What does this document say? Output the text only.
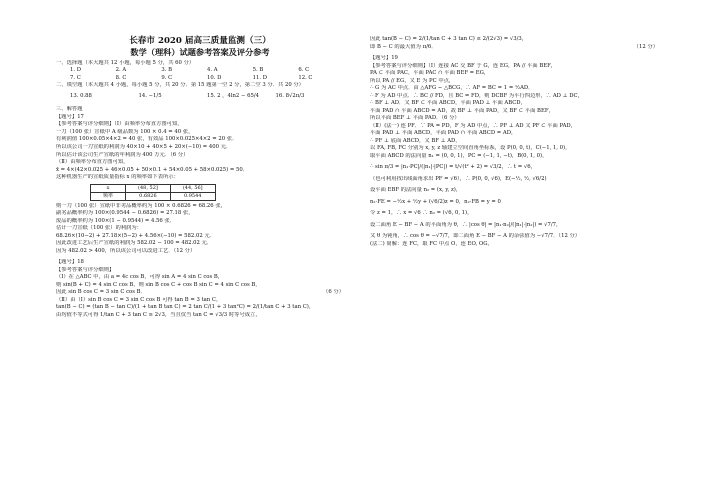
长春市 2020 届高三质量监测（三）
数学（理科）试题参考答案及评分参考
一、选择题（本大题共 12 小题，每小题 5 分，共 60 分）
1. D	2. A	3. B	4. A	5. B	6. C
7. C	8. C	9. C	10. D	11. D	12. C
二、填空题（本大题共 4 小题，每小题 5 分，共 20 分．第 15 题第一空 2 分，第二空 3 分．共 20 分）
13. 0.88	14. −1/5	15. 2 ，4ln2 − 65/4	16. 8√2π/3
三、解答题
【题号】17
【参考答案与评分细则】（Ⅰ）由频率分布直方图可知，
一刀（100 张）宣纸中 A 级品数为 100 × 0.4 = 40 张，
有利润值 100×0.05×4×2 = 40 张，有效品 100×0.025×4×2 = 20 张．
所以该公司一刀宣纸的利润为 40×10 + 40×5 + 20×(−10) = 400 元．
所以估计该公司生产宣纸的年利润为 400 万元．（6 分）
（Ⅱ）由频率分布直方图可知，
x̄ = 4×(42×0.025 + 46×0.05 + 50×0.1 + 54×0.05 + 58×0.025) = 50．
这种机器生产的宣纸质量指标 x 的频率如下表所示：
x	(48, 52]	(44, 56]
频率	0.6826	0.9544
则一刀（100 张）宣纸中非劣品概率约为 100 × 0.6826 = 68.26 张，
副劣品概率约为 100×(0.9544 − 0.6826) = 27.18 张，
废品的概率约为 100×(1 − 0.9544) = 4.56 张．
估计一刀宣纸（100 张）的利润为：
68.26×(10−2) + 27.18×(5−2) + 4.56×(−10) = 582.02 元．
因此改进工艺后生产宣纸的利润为 582.02 − 100 = 482.02 元．
因为 482.02 > 400，所以该公司可以改进工艺．（12 分）
【题号】18
【参考答案与评分细则】
（Ⅰ）在 △ABC 中，由 a = 4c cos B，可得 sin A = 4 sin C cos B，
则 sin(B + C) = 4 sin C cos B，则 sin B cos C + cos B sin C = 4 sin C cos B，
因此 sin B cos C = 3 sin C cos B．	（6 分）
（Ⅱ）由（Ⅰ）sin B cos C = 3 sin C cos B 可得 tan B = 3 tan C，
tan(B − C) = (tan B − tan C)/(1 + tan B tan C) = 2 tan C/(1 + 3 tan²C) = 2/(1/tan C + 3 tan C)，
由均值不等式可得 1/tan C + 3 tan C ≥ 2√3，当且仅当 tan C = √3/3 时等号成立，
因此 tan(B − C) = 2/(1/tan C + 3 tan C) ≤ 2/(2√3) = √3/3，
即 B − C 的最大值为 π/6．	（12 分）
【题号】19
【参考答案与评分细则】（Ⅰ）连接 AC 交 BF 于 G，连 EG，PA // 平面 BEF，
PA ⊂ 平面 PAC，平面 PAC ∩ 平面 BEF = EG，
所以 PA // EG，又 E 为 PC 中点，
∴ G 为 AC 中点．由 △AFG ∽ △BCG，∴ AF = BC = 1 = ½AD．
∴ F 为 AD 中点．∴ BC // FD，且 BC = FD，则 DCBF 为平行四边形，∴ AD ⊥ DC，
∴ BF ⊥ AD．又 BF ⊂ 平面 ABCD，平面 PAD ⊥ 平面 ABCD，
平面 PAD ∩ 平面 ABCD = AD，故 BF ⊥ 平面 PAD，又 BF ⊂ 平面 BEF，
所以平面 BEF ⊥ 平面 PAD．（6 分）
（Ⅱ）(法一) 连 PF．∵ PA = PD，F 为 AD 中点，∴ PF ⊥ AD 又 PF ⊂ 平面 PAD，
平面 PAD ⊥ 平面 ABCD，平面 PAD ∩ 平面 ABCD = AD，
∴ PF ⊥ 底面 ABCD，又 BF ⊥ AD，
以 FA, FB, FC 分别为 x, y, z 轴建立空间直角坐标系，设 P(0, 0, t)，C(−1, 1, 0)，
取平面 ABCD 的法向量 n₁ = (0, 0, 1)，PC = (−1, 1, −t)，B(0, 1, 0)，
∴ sin π/3 = |n₁·PC|/(|n₁|·|PC|) = t/√(t² + 2) = √3/2，∴ t = √6，
（也可利用找出线面角求出 PF = √6），∴ P(0, 0, √6)，E(−½, ½, √6/2)
设平面 EBF 的法向量 n₂ = (x, y, z)，
n₂·FE = −½x + ½y + (√6/2)z = 0，n₂·FB = y = 0
令 z = 1，∴ x = √6 ∴ n₂ = (√6, 0, 1)，
设二面角 E − BF − A 的平面角为 θ，∴ |cos θ| = |n₁·n₂|/(|n₁|·|n₂|) = √7/7，
又 θ 为钝角，∴ cos θ = −√7/7，即二面角 E − BF − A 的余弦值为 −√7/7．（12 分）
(法二) 简解：连 FC，取 FC 中点 O，连 EO, OG，
